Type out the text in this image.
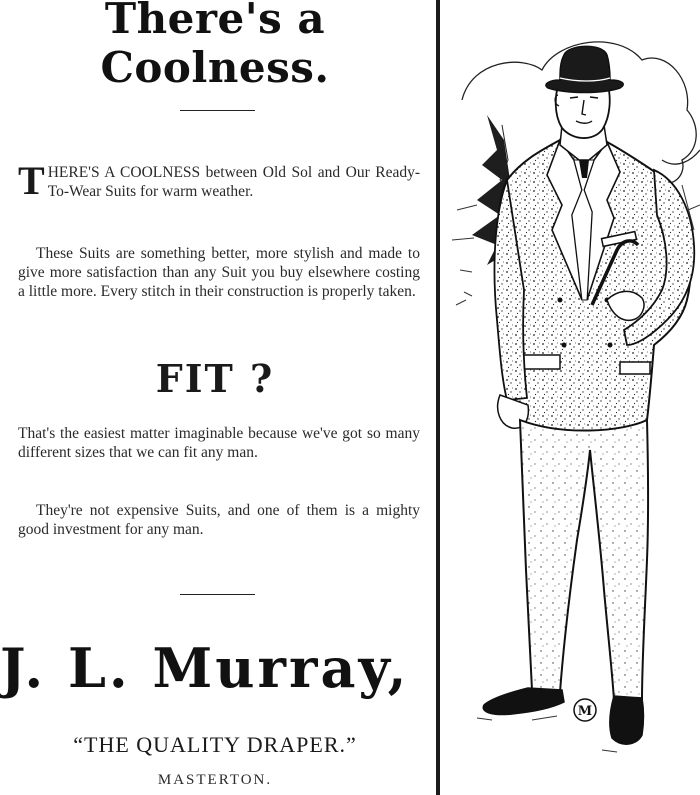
There's a Coolness.
THERE'S A COOLNESS between Old Sol and Our Ready-To-Wear Suits for warm weather.
These Suits are something better, more stylish and made to give more satisfaction than any Suit you buy elsewhere costing a little more. Every stitch in their construction is properly taken.
FIT ?
That's the easiest matter imaginable because we've got so many different sizes that we can fit any man.
They're not expensive Suits, and one of them is a mighty good investment for any man.
J. L. Murray,
“THE QUALITY DRAPER.”
MASTERTON.
M
